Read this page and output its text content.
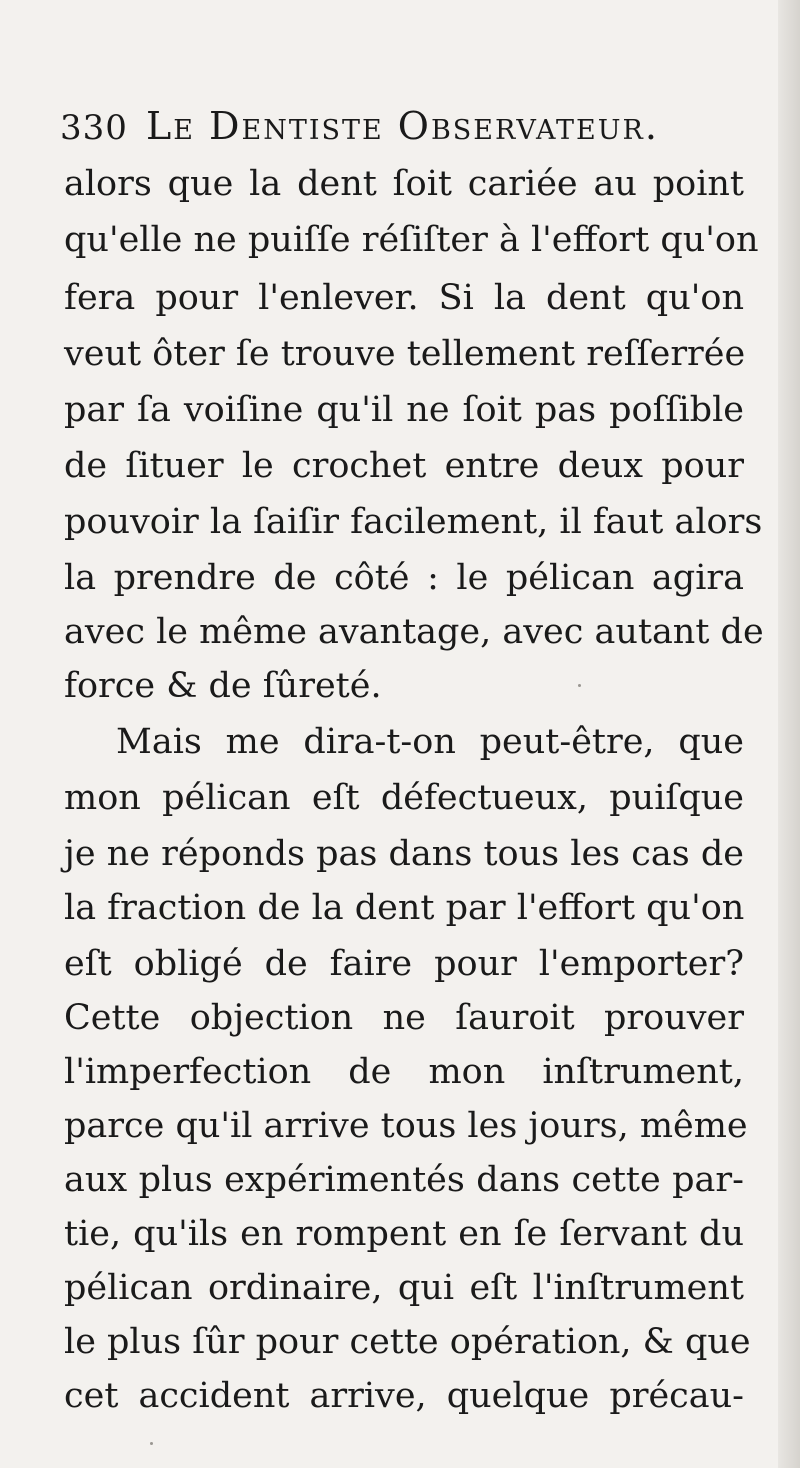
330 Le Dentiste Observateur.
alors que la dent ſoit cariée au point
qu'elle ne puiſſe réſiſter à l'effort qu'on
fera pour l'enlever. Si la dent qu'on
veut ôter ſe trouve tellement reſſerrée
par ſa voiſine qu'il ne ſoit pas poſſible
de ſituer le crochet entre deux pour
pouvoir la ſaiſir facilement, il faut alors
la prendre de côté : le pélican agira
avec le même avantage, avec autant de
force & de ſûreté.
Mais me dira-t-on peut-être, que
mon pélican eſt défectueux, puiſque
je ne réponds pas dans tous les cas de
la fraction de la dent par l'effort qu'on
eſt obligé de faire pour l'emporter?
Cette objection ne ſauroit prouver
l'imperfection de mon inſtrument,
parce qu'il arrive tous les jours, même
aux plus expérimentés dans cette par-
tie, qu'ils en rompent en ſe ſervant du
pélican ordinaire, qui eſt l'inſtrument
le plus ſûr pour cette opération, & que
cet accident arrive, quelque précau-
